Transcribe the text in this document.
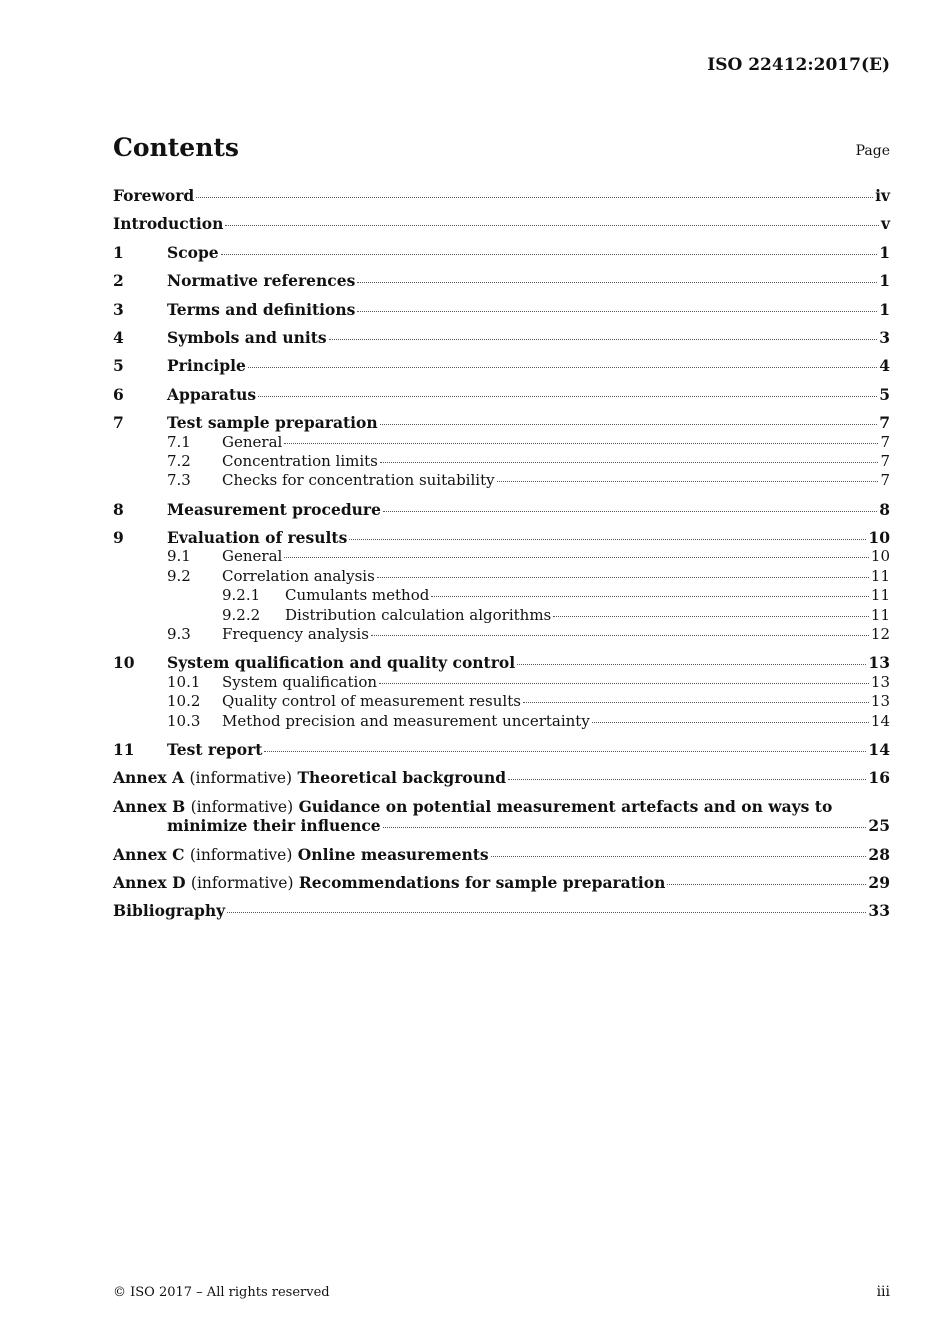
ISO 22412:2017(E)
Contents	Page
Foreword	iv
Introduction	v
1	Scope	1
2	Normative references	1
3	Terms and definitions	1
4	Symbols and units	3
5	Principle	4
6	Apparatus	5
7	Test sample preparation	7
7.1	General	7
7.2	Concentration limits	7
7.3	Checks for concentration suitability	7
8	Measurement procedure	8
9	Evaluation of results	10
9.1	General	10
9.2	Correlation analysis	11
9.2.1	Cumulants method	11
9.2.2	Distribution calculation algorithms	11
9.3	Frequency analysis	12
10	System qualification and quality control	13
10.1	System qualification	13
10.2	Quality control of measurement results	13
10.3	Method precision and measurement uncertainty	14
11	Test report	14
Annex A (informative) Theoretical background	16
Annex B (informative) Guidance on potential measurement artefacts and on ways to
minimize their influence	25
Annex C (informative) Online measurements	28
Annex D (informative) Recommendations for sample preparation	29
Bibliography	33
© ISO 2017 – All rights reserved	iii
